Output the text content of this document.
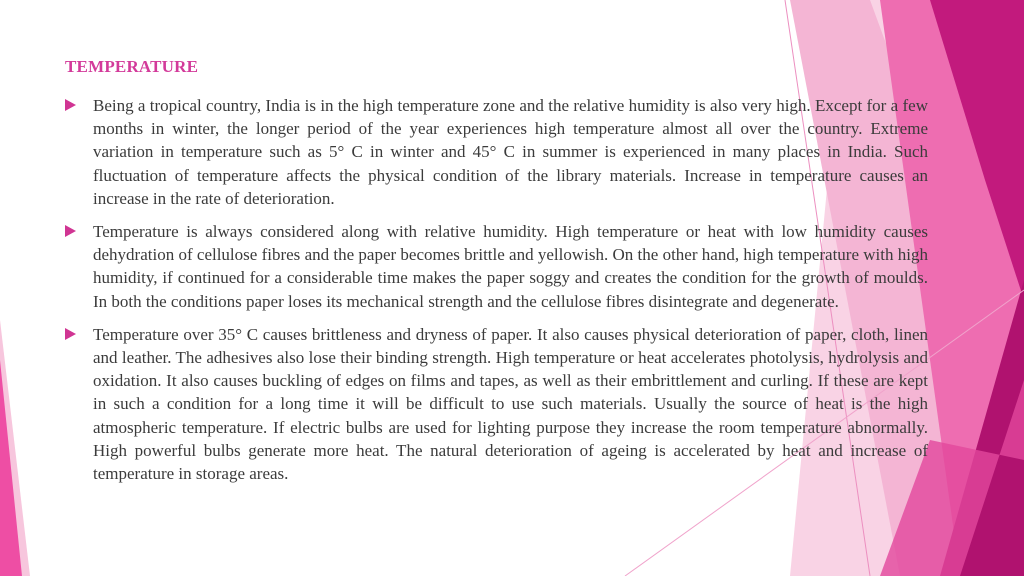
TEMPERATURE
Being a tropical country, India is in the high temperature zone and the relative humidity is also very high. Except for a few months in winter, the longer period of the year experiences high temperature almost all over the country. Extreme variation in temperature such as 5° C in winter and 45° C in summer is experienced in many places in India. Such fluctuation of temperature affects the physical condition of the library materials. Increase in temperature causes an increase in the rate of deterioration.
Temperature is always considered along with relative humidity. High temperature or heat with low humidity causes dehydration of cellulose fibres and the paper becomes brittle and yellowish. On the other hand, high temperature with high humidity, if continued for a considerable time makes the paper soggy and creates the condition for the growth of moulds. In both the conditions paper loses its mechanical strength and the cellulose fibres disintegrate and degenerate.
Temperature over 35° C causes brittleness and dryness of paper. It also causes physical deterioration of paper, cloth, linen and leather. The adhesives also lose their binding strength. High temperature or heat accelerates photolysis, hydrolysis and oxidation. It also causes buckling of edges on films and tapes, as well as their embrittlement and curling. If these are kept in such a condition for a long time it will be difficult to use such materials. Usually the source of heat is the high atmospheric temperature. If electric bulbs are used for lighting purpose they increase the room temperature abnormally. High powerful bulbs generate more heat. The natural deterioration of ageing is accelerated by heat and increase of temperature in storage areas.
